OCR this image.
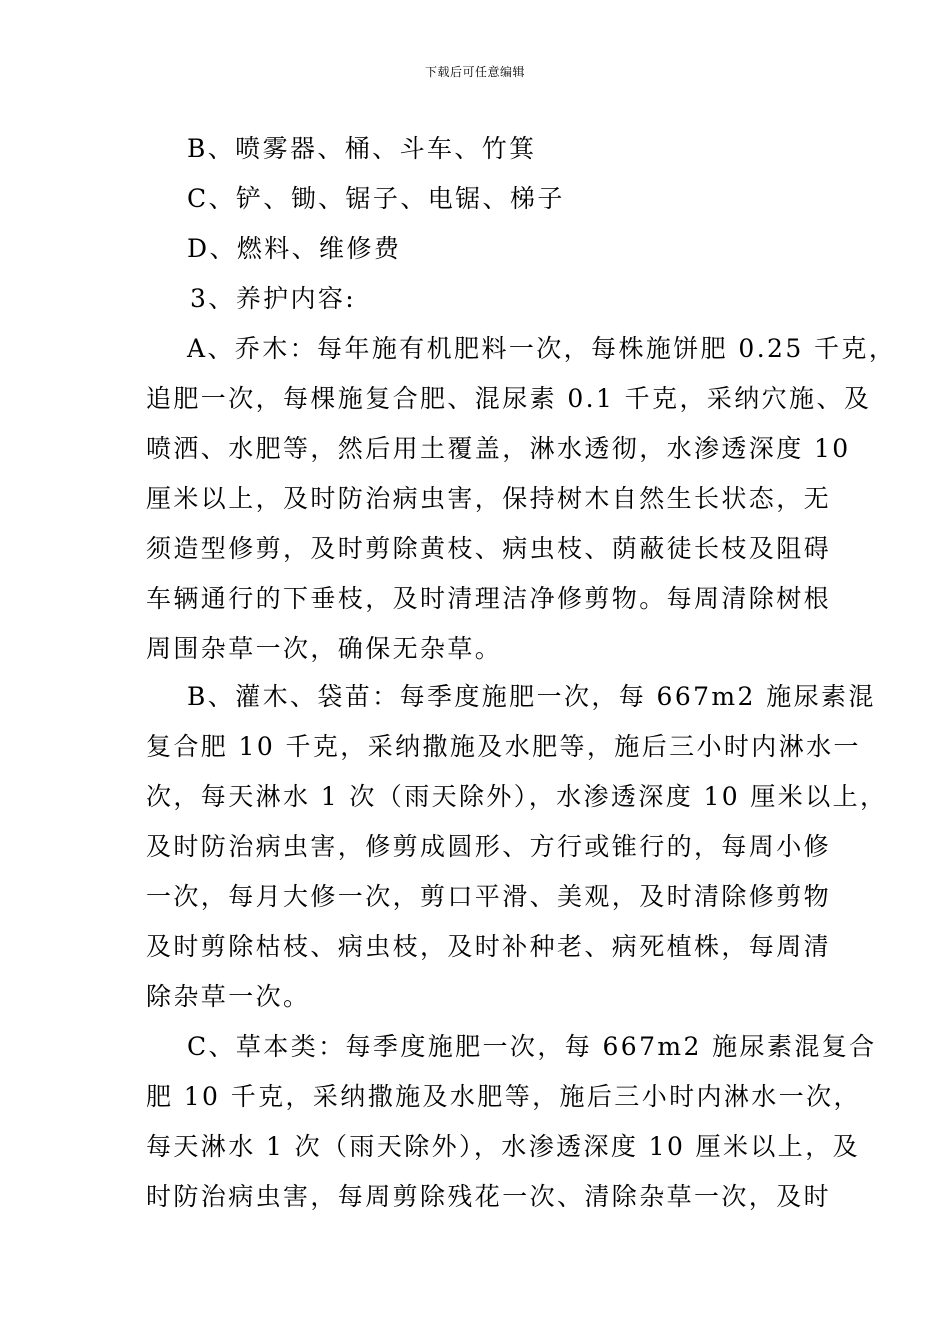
下载后可任意编辑
B、喷雾器、桶、斗车、竹箕
C、铲、锄、锯子、电锯、梯子
D、燃料、维修费
3、养护内容:
A、乔木：每年施有机肥料一次，每株施饼肥 0.25 千克，
追肥一次，每棵施复合肥、混尿素 0.1 千克，采纳穴施、及
喷洒、水肥等，然后用土覆盖，淋水透彻，水渗透深度 10
厘米以上，及时防治病虫害，保持树木自然生长状态，无
须造型修剪，及时剪除黄枝、病虫枝、荫蔽徒长枝及阻碍
车辆通行的下垂枝，及时清理洁净修剪物。每周清除树根
周围杂草一次，确保无杂草。
B、灌木、袋苗：每季度施肥一次，每 667m2 施尿素混
复合肥 10 千克，采纳撒施及水肥等，施后三小时内淋水一
次，每天淋水 1 次（雨天除外），水渗透深度 10 厘米以上，
及时防治病虫害，修剪成圆形、方行或锥行的，每周小修
一次，每月大修一次，剪口平滑、美观，及时清除修剪物
及时剪除枯枝、病虫枝，及时补种老、病死植株，每周清
除杂草一次。
C、草本类：每季度施肥一次，每 667m2 施尿素混复合
肥 10 千克，采纳撒施及水肥等，施后三小时内淋水一次，
每天淋水 1 次（雨天除外），水渗透深度 10 厘米以上，及
时防治病虫害，每周剪除残花一次、清除杂草一次，及时
